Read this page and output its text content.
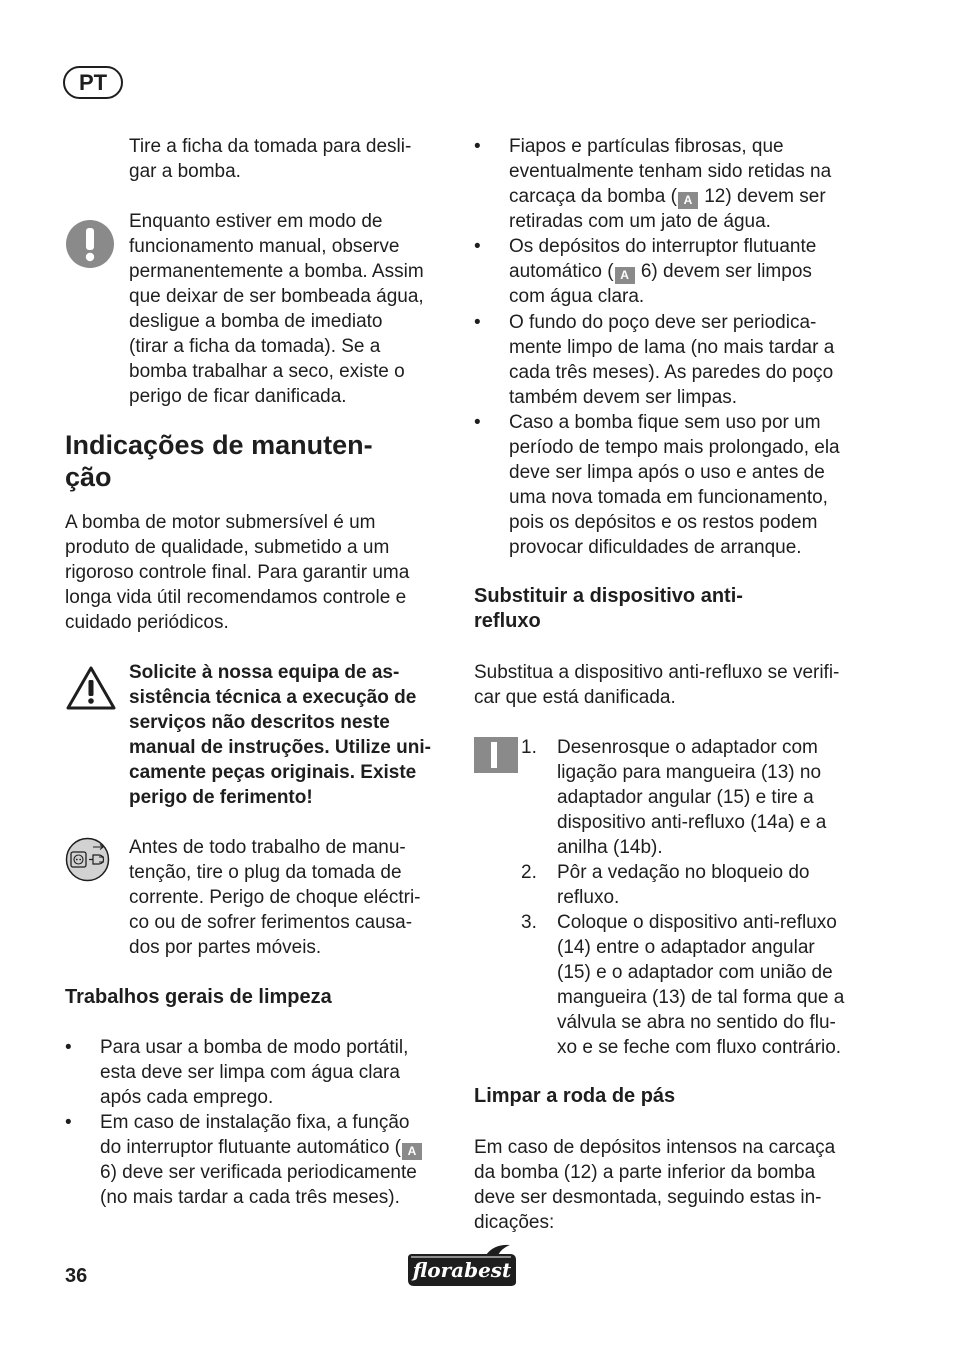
PT
Tire a ficha da tomada para desli-
gar a bomba.
Enquanto estiver em modo de
funcionamento manual, observe
permanentemente a bomba. Assim
que deixar de ser bombeada água,
desligue a bomba de imediato
(tirar a ficha da tomada). Se a
bomba trabalhar a seco, existe o
perigo de ficar danificada.
Indicações de manuten-
ção
A bomba de motor submersível é um
produto de qualidade, submetido a um
rigoroso controle final. Para garantir uma
longa vida útil recomendamos controle e
cuidado periódicos.
Solicite à nossa equipa de as-
sistência técnica a execução de
serviços não descritos neste
manual de instruções. Utilize uni-
camente peças originais. Existe
perigo de ferimento!
Antes de todo trabalho de manu-
tenção, tire o plug da tomada de
corrente. Perigo de choque eléctri-
co ou de sofrer ferimentos causa-
dos por partes móveis.
Trabalhos gerais de limpeza
•	Para usar a bomba de modo portátil,
esta deve ser limpa com água clara
após cada emprego.
•	Em caso de instalação fixa, a função
do interruptor flutuante automático ( A
6) deve ser verificada periodicamente
(no mais tardar a cada três meses).
•	Fiapos e partículas fibrosas, que
eventualmente tenham sido retidas na
carcaça da bomba ( A 12) devem ser
retiradas com um jato de água.
•	Os depósitos do interruptor flutuante
automático ( A 6) devem ser limpos
com água clara.
•	O fundo do poço deve ser periodica-
mente limpo de lama (no mais tardar a
cada três meses). As paredes do poço
também devem ser limpas.
•	Caso a bomba fique sem uso por um
período de tempo mais prolongado, ela
deve ser limpa após o uso e antes de
uma nova tomada em funcionamento,
pois os depósitos e os restos podem
provocar dificuldades de arranque.
Substituir a dispositivo anti-
refluxo
Substitua a dispositivo anti-refluxo se verifi-
car que está danificada.
1.	Desenrosque o adaptador com
ligação para mangueira (13) no
adaptador angular (15) e tire a
dispositivo anti-refluxo (14a) e a
anilha (14b).
2.	Pôr a vedação no bloqueio do
refluxo.
3.	Coloque o dispositivo anti-refluxo
(14) entre o adaptador angular
(15) e o adaptador com união de
mangueira (13) de tal forma que a
válvula se abra no sentido do flu-
xo e se feche com fluxo contrário.
Limpar a roda de pás
Em caso de depósitos intensos na carcaça
da bomba (12) a parte inferior da bomba
deve ser desmontada, seguindo estas in-
dicações:
36	florabest
